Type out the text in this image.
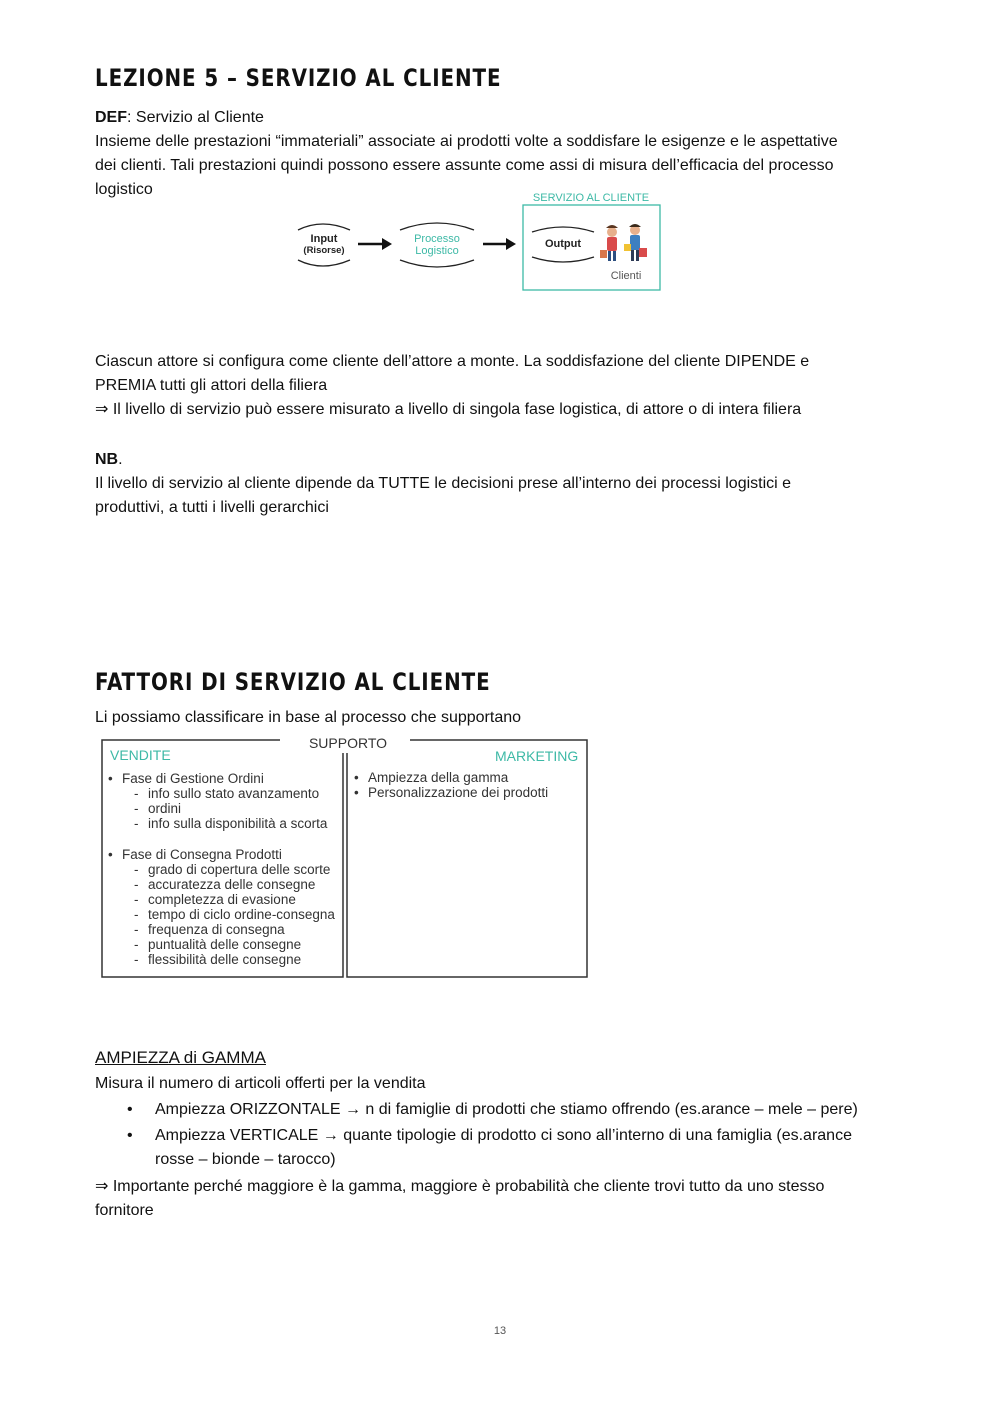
LEZIONE 5 – SERVIZIO AL CLIENTE

DEF: Servizio al Cliente

Insieme delle prestazioni “immateriali” associate ai prodotti volte a soddisfare le esigenze e le aspettative

dei clienti. Tali prestazioni quindi possono essere assunte come assi di misura dell’efficacia del processo

logistico

Input
(Risorse)
Processo
Logistico
Output
SERVIZIO AL CLIENTE
Clienti

Ciascun attore si configura come cliente dell’attore a monte. La soddisfazione del cliente DIPENDE e

PREMIA tutti gli attori della filiera

⇒ Il livello di servizio può essere misurato a livello di singola fase logistica, di attore o di intera filiera

NB.

Il livello di servizio al cliente dipende da TUTTE le decisioni prese all’interno dei processi logistici e

produttivi, a tutti i livelli gerarchici

FATTORI DI SERVIZIO AL CLIENTE

Li possiamo classificare in base al processo che supportano

SUPPORTO
VENDITE	MARKETING
• Fase di Gestione Ordini
- info sullo stato avanzamento
- ordini
- info sulla disponibilità a scorta
• Fase di Consegna Prodotti
- grado di copertura delle scorte
- accuratezza delle consegne
- completezza di evasione
- tempo di ciclo ordine-consegna
- frequenza di consegna
- puntualità delle consegne
- flessibilità delle consegne
• Ampiezza della gamma
• Personalizzazione dei prodotti

AMPIEZZA di GAMMA

Misura il numero di articoli offerti per la vendita

• Ampiezza ORIZZONTALE → n di famiglie di prodotti che stiamo offrendo (es.arance – mele – pere)
• Ampiezza VERTICALE → quante tipologie di prodotto ci sono all’interno di una famiglia (es.arance
rosse – bionde – tarocco)

⇒ Importante perché maggiore è la gamma, maggiore è probabilità che cliente trovi tutto da uno stesso

fornitore

13
